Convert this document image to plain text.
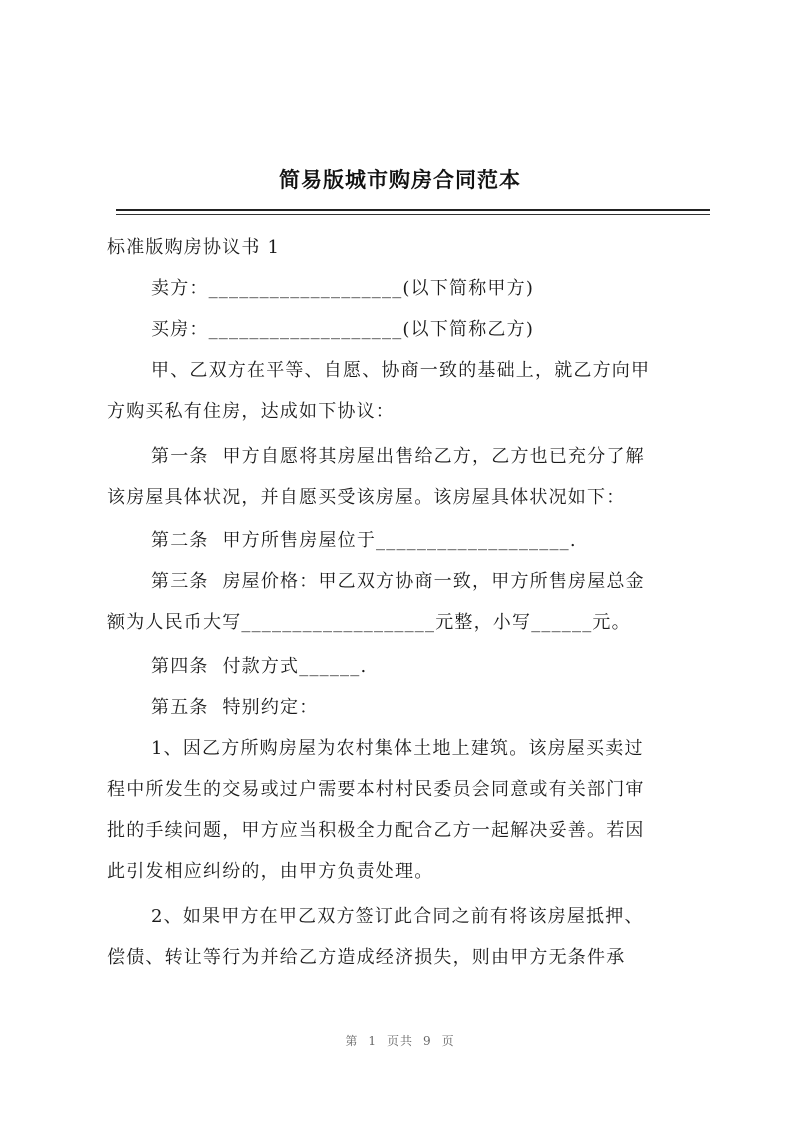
简易版城市购房合同范本
标准版购房协议书 1
卖方：___________________(以下简称甲方)
买房：___________________(以下简称乙方)
甲、乙双方在平等、自愿、协商一致的基础上，就乙方向甲
方购买私有住房，达成如下协议：
第一条  甲方自愿将其房屋出售给乙方，乙方也已充分了解
该房屋具体状况，并自愿买受该房屋。该房屋具体状况如下：
第二条  甲方所售房屋位于___________________.
第三条  房屋价格：甲乙双方协商一致，甲方所售房屋总金
额为人民币大写___________________元整，小写______元。
第四条  付款方式______.
第五条  特别约定：
1、因乙方所购房屋为农村集体土地上建筑。该房屋买卖过
程中所发生的交易或过户需要本村村民委员会同意或有关部门审
批的手续问题，甲方应当积极全力配合乙方一起解决妥善。若因
此引发相应纠纷的，由甲方负责处理。
2、如果甲方在甲乙双方签订此合同之前有将该房屋抵押、
偿债、转让等行为并给乙方造成经济损失，则由甲方无条件承
第 1 页共 9 页
